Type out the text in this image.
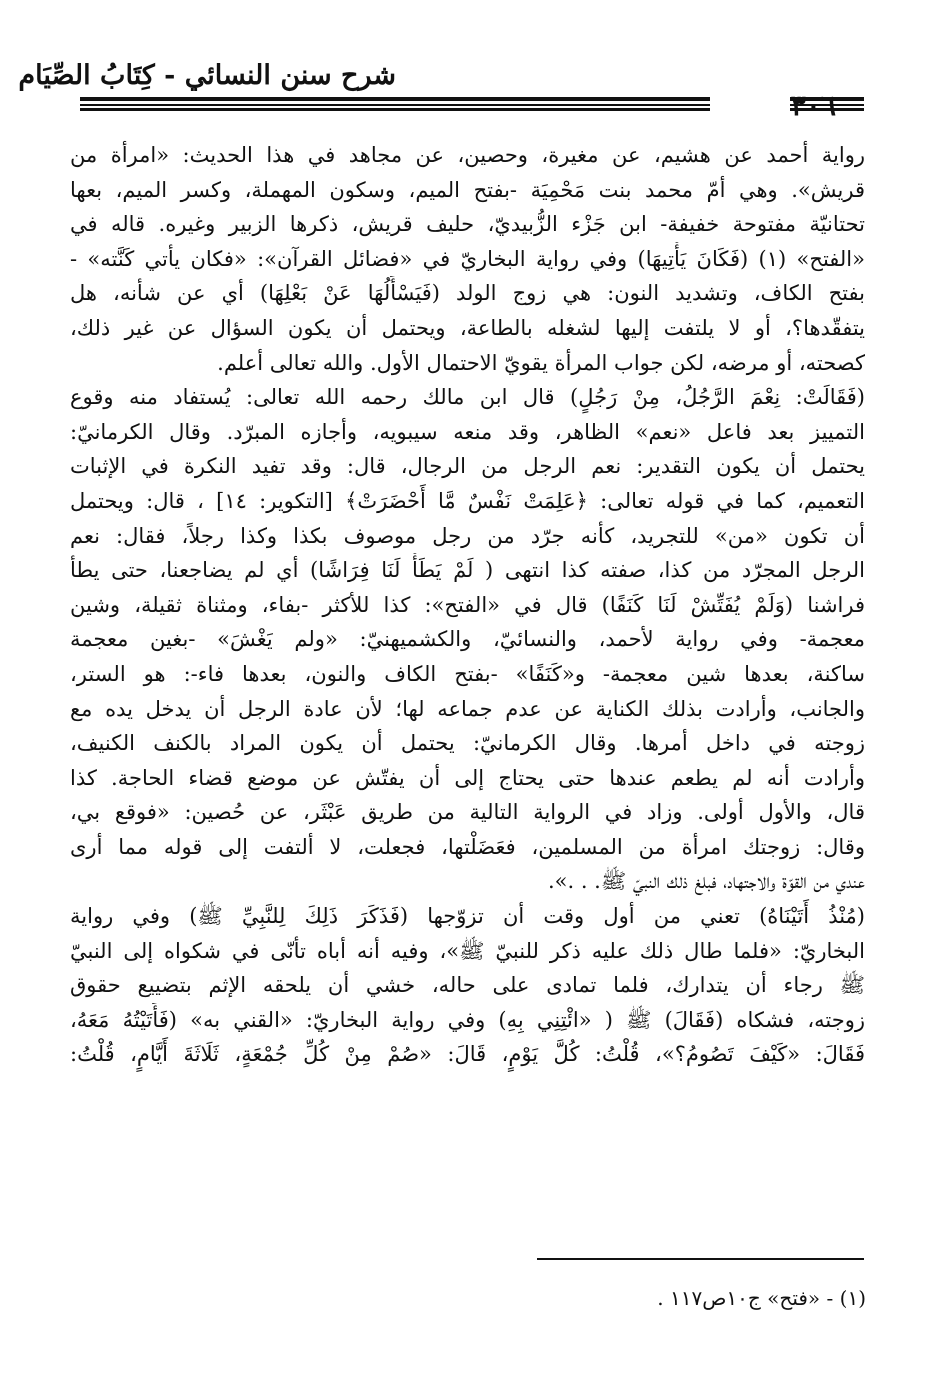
شرح سنن النسائي - كِتَابُ الصِّيَام
رواية أحمد عن هشيم، عن مغيرة، وحصين، عن مجاهد في هذا الحديث: «امرأة من
قريش». وهي أمّ محمد بنت مَحْمِيَة -بفتح الميم، وسكون المهملة، وكسر الميم، بعها
تحتانيّة مفتوحة خفيفة- ابن جَزْء الزُّبيديّ، حليف قريش، ذكرها الزبير وغيره. قاله في
«الفتح» (١) (فَكَانَ يَأْتِيهَا) وفي رواية البخاريّ في «فضائل القرآن»: «فكان يأتي كَنَّته» -
بفتح الكاف، وتشديد النون: هي زوج الولد (فَيَسْأَلُهَا عَنْ بَعْلِهَا) أي عن شأنه، هل
يتفقّدها؟، أو لا يلتفت إليها لشغله بالطاعة، ويحتمل أن يكون السؤال عن غير ذلك،
كصحته، أو مرضه، لكن جواب المرأة يقويّ الاحتمال الأول. والله تعالى أعلم.
(فَقَالَتْ: نِعْمَ الرَّجُلُ، مِنْ رَجُلٍ) قال ابن مالك رحمه الله تعالى: يُستفاد منه وقوع
التمييز بعد فاعل «نعم» الظاهر، وقد منعه سيبويه، وأجازه المبرّد. وقال الكرمانيّ:
يحتمل أن يكون التقدير: نعم الرجل من الرجال، قال: وقد تفيد النكرة في الإثبات
التعميم، كما في قوله تعالى: ﴿عَلِمَتْ نَفْسٌ مَّا أَحْضَرَتْ﴾ [التكوير: ١٤] ، قال: ويحتمل
أن تكون «من» للتجريد، كأنه جرّد من رجل موصوف بكذا وكذا رجلاً، فقال: نعم
الرجل المجرّد من كذا، صفته كذا انتهى ( لَمْ يَطَأْ لَنَا فِرَاشًا) أي لم يضاجعنا، حتى يطأ
فراشنا (وَلَمْ يُفَتِّشْ لَنَا كَنَفًا) قال في «الفتح»: كذا للأكثر -بفاء، ومثناة ثقيلة، وشين
معجمة- وفي رواية لأحمد، والنسائيّ، والكشميهنيّ: «ولم يَغْشَ» -بغين معجمة
ساكنة، بعدها شين معجمة- و«كَنَفًا» -بفتح الكاف والنون، بعدها فاء-: هو الستر،
والجانب، وأرادت بذلك الكناية عن عدم جماعه لها؛ لأن عادة الرجل أن يدخل يده مع
زوجته في داخل أمرها. وقال الكرمانيّ: يحتمل أن يكون المراد بالكنف الكنيف،
وأرادت أنه لم يطعم عندها حتى يحتاج إلى أن يفتّش عن موضع قضاء الحاجة. كذا
قال، والأول أولى. وزاد في الرواية التالية من طريق عَبْثَر، عن حُصين: «فوقع بي،
وقال: زوجتك امرأة من المسلمين، فعَضَلْتها، فجعلت، لا ألتفت إلى قوله مما أرى
عندي من القوّة والاجتهاد، فبلغ ذلك النبيّ ﷺ. . .».
(مُنْذُ أَتَيْنَاهُ) تعني من أول وقت أن تزوّجها (فَذَكَرَ ذَلِكَ لِلنَّبِيِّ ﷺ) وفي رواية
البخاريّ: «فلما طال ذلك عليه ذكر للنبيّ ﷺ»، وفيه أنه أباه تأنّى في شكواه إلى النبيّ
ﷺ رجاء أن يتدارك، فلما تمادى على حاله، خشي أن يلحقه الإثم بتضييع حقوق
زوجته، فشكاه (فَقَالَ) ﷺ ( «ائْتِنِي بِهِ) وفي رواية البخاريّ: «القني به» (فَأَتَيْتُهُ مَعَهُ،
فَقَالَ: «كَيْفَ تَصُومُ؟»، قُلْتُ: كُلَّ يَوْمٍ، قَالَ: «صُمْ مِنْ كُلِّ جُمْعَةٍ، ثَلَاثَةَ أَيَّامٍ، قُلْتُ:
(١) - «فتح» ج١٠ص١١٧ .
